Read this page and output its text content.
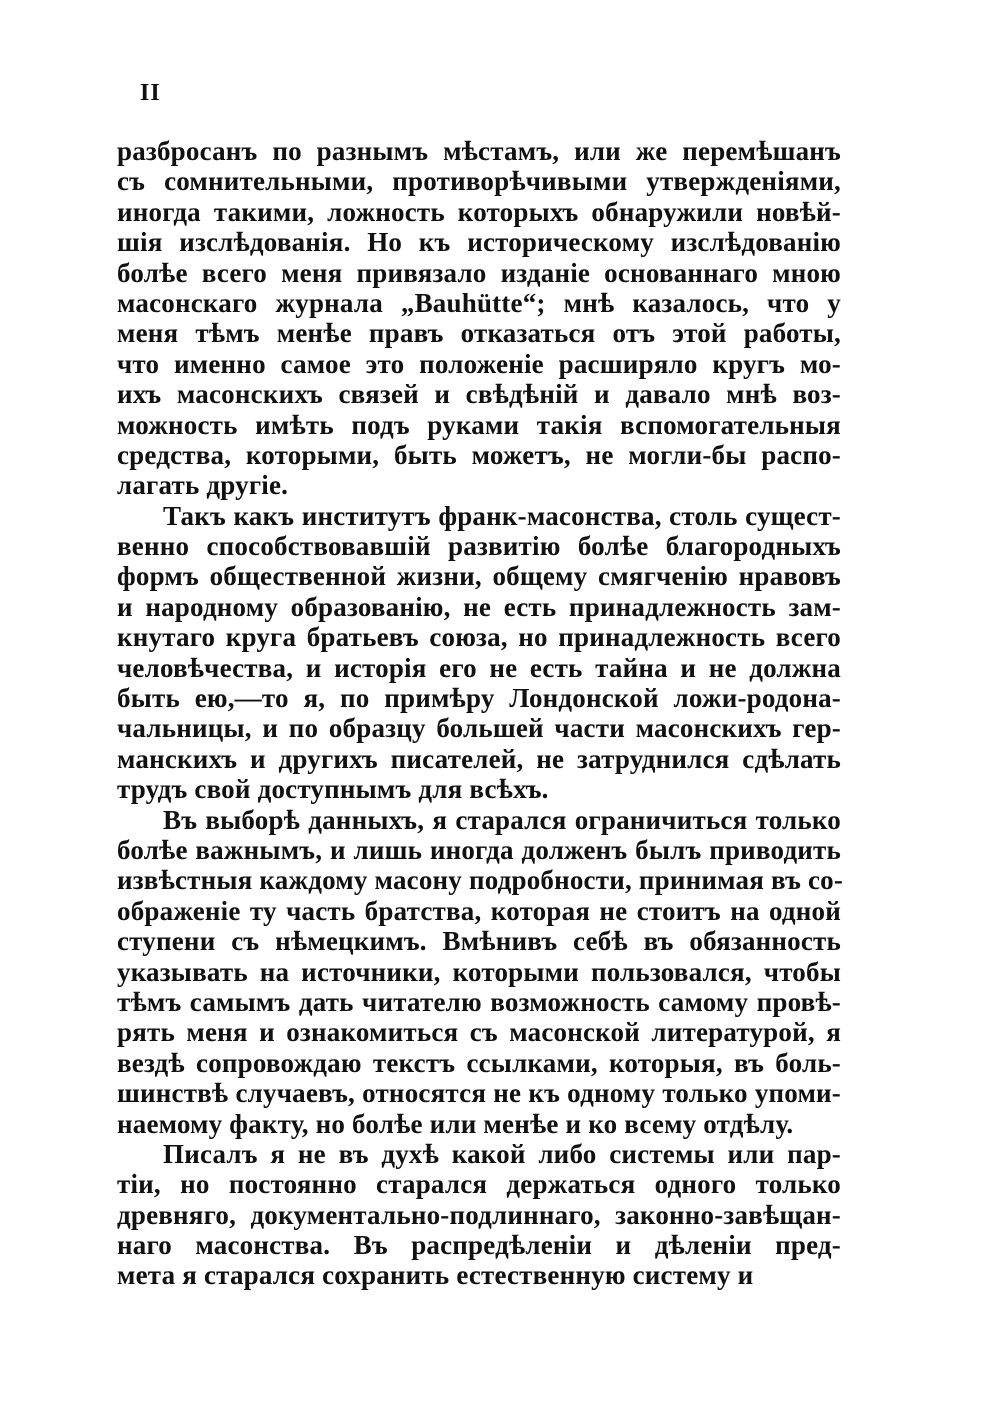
II
разбросанъ по разнымъ мѣстамъ, или же перемѣшанъ
съ сомнительными, противорѣчивыми утвержденіями,
иногда такими, ложность которыхъ обнаружили новѣй-
шія изслѣдованія. Но къ историческому изслѣдованію
болѣе всего меня привязало изданіе основаннаго мною
масонскаго журнала „Bauhütte“; мнѣ казалось, что у
меня тѣмъ менѣе правъ отказаться отъ этой работы,
что именно самое это положеніе расширяло кругъ мо-
ихъ масонскихъ связей и свѣдѣній и давало мнѣ воз-
можность имѣть подъ руками такія вспомогательныя
средства, которыми, быть можетъ, не могли-бы распо-
лагать другіе.
Такъ какъ институтъ франк-масонства, столь сущест-
венно способствовавшій развитію болѣе благородныхъ
формъ общественной жизни, общему смягченію нравовъ
и народному образованію, не есть принадлежность зам-
кнутаго круга братьевъ союза, но принадлежность всего
человѣчества, и исторія его не есть тайна и не должна
быть ею,—то я, по примѣру Лондонской ложи-родона-
чальницы, и по образцу большей части масонскихъ гер-
манскихъ и другихъ писателей, не затруднился сдѣлать
трудъ свой доступнымъ для всѣхъ.
Въ выборѣ данныхъ, я старался ограничиться только
болѣе важнымъ, и лишь иногда долженъ былъ приводить
извѣстныя каждому масону подробности, принимая въ со-
ображеніе ту часть братства, которая не стоитъ на одной
ступени съ нѣмецкимъ. Вмѣнивъ себѣ въ обязанность
указывать на источники, которыми пользовался, чтобы
тѣмъ самымъ дать читателю возможность самому провѣ-
рять меня и ознакомиться съ масонской литературой, я
вездѣ сопровождаю текстъ ссылками, которыя, въ боль-
шинствѣ случаевъ, относятся не къ одному только упоми-
наемому факту, но болѣе или менѣе и ко всему отдѣлу.
Писалъ я не въ духѣ какой либо системы или пар-
тіи, но постоянно старался держаться одного только
древняго, документально-подлиннаго, законно-завѣщан-
наго масонства. Въ распредѣленіи и дѣленіи пред-
мета я старался сохранить естественную систему и
